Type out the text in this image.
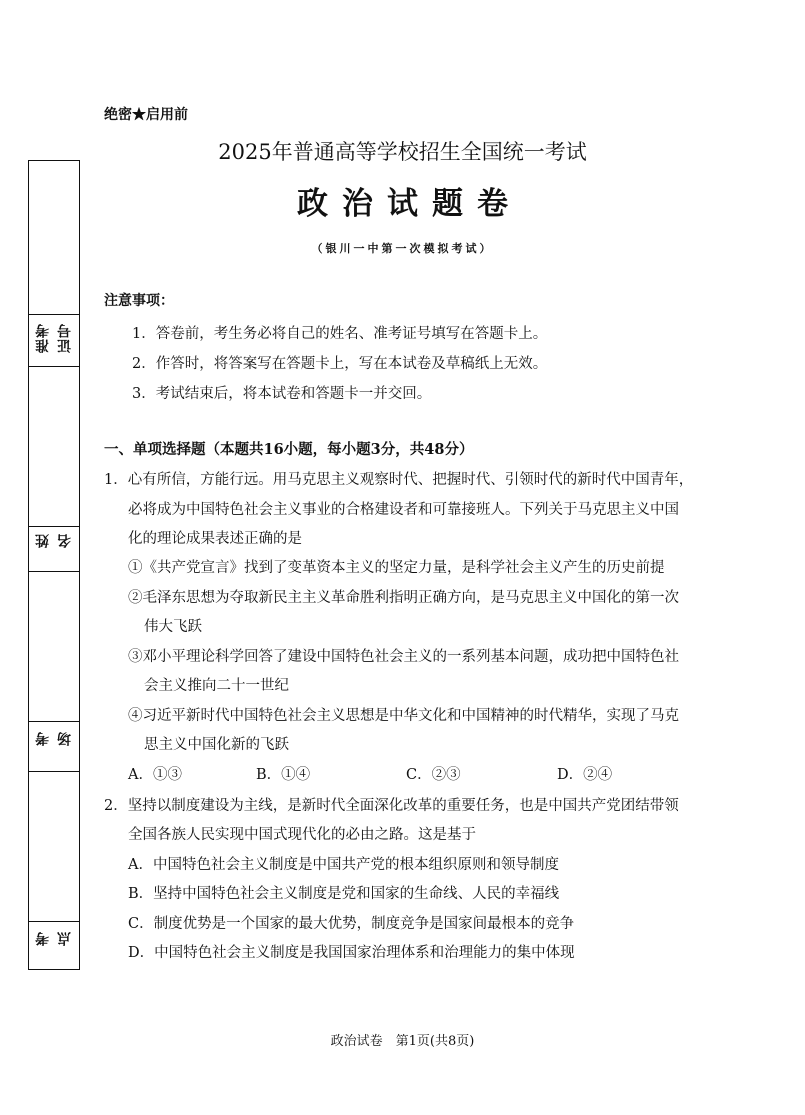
准考 证号
姓 名
考 场
考 点
绝密★启用前
2025年普通高等学校招生全国统一考试
政治试题卷
（银川一中第一次模拟考试）
注意事项：
1．答卷前，考生务必将自己的姓名、准考证号填写在答题卡上。
2．作答时，将答案写在答题卡上，写在本试卷及草稿纸上无效。
3．考试结束后，将本试卷和答题卡一并交回。
一、单项选择题（本题共16小题，每小题3分，共48分）
1．心有所信，方能行远。用马克思主义观察时代、把握时代、引领时代的新时代中国青年，
必将成为中国特色社会主义事业的合格建设者和可靠接班人。下列关于马克思主义中国
化的理论成果表述正确的是
①《共产党宣言》找到了变革资本主义的坚定力量，是科学社会主义产生的历史前提
②毛泽东思想为夺取新民主主义革命胜利指明正确方向，是马克思主义中国化的第一次
伟大飞跃
③邓小平理论科学回答了建设中国特色社会主义的一系列基本问题，成功把中国特色社
会主义推向二十一世纪
④习近平新时代中国特色社会主义思想是中华文化和中国精神的时代精华，实现了马克
思主义中国化新的飞跃
A．①③	B．①④	C．②③	D．②④
2．坚持以制度建设为主线，是新时代全面深化改革的重要任务，也是中国共产党团结带领
全国各族人民实现中国式现代化的必由之路。这是基于
A．中国特色社会主义制度是中国共产党的根本组织原则和领导制度
B．坚持中国特色社会主义制度是党和国家的生命线、人民的幸福线
C．制度优势是一个国家的最大优势，制度竞争是国家间最根本的竞争
D．中国特色社会主义制度是我国国家治理体系和治理能力的集中体现
政治试卷　第1页(共8页)
